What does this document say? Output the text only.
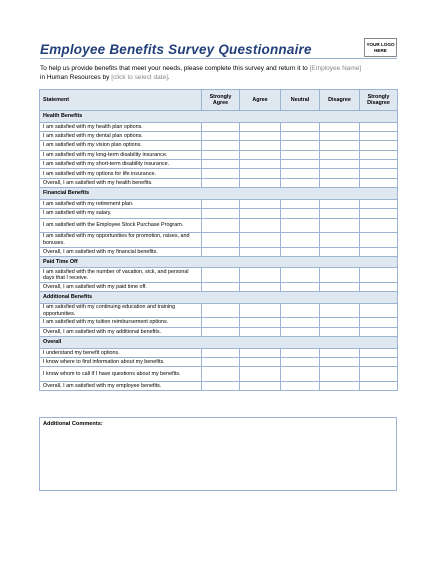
Employee Benefits Survey Questionnaire	YOUR LOGO
HERE
To help us provide benefits that meet your needs, please complete this survey and return it to [Employee Name]
in Human Resources by [click to select date].
Statement	Strongly Agree	Agree	Neutral	Disagree	Strongly Disagree
Health Benefits					
I am satisfied with my health plan options.					
I am satisfied with my dental plan options.					
I am satisfied with my vision plan options.					
I am satisfied with my long-term disability insurance.					
I am satisfied with my short-term disability insurance.					
I am satisfied with my options for life insurance.					
Overall, I am satisfied with my health benefits.					
Financial Benefits					
I am satisfied with my retirement plan.					
I am satisfied with my salary.					
I am satisfied with the Employee Stock Purchase Program.					
I am satisfied with my opportunities for promotion, raises, and bonuses.					
Overall, I am satisfied with my financial benefits.					
Paid Time Off					
I am satisfied with the number of vacation, sick, and personal days that I receive.					
Overall, I am satisfied with my paid time off.					
Additional Benefits					
I am satisfied with my continuing education and training opportunities.					
I am satisfied with my tuition reimbursement options.					
Overall, I am satisfied with my additional benefits.					
Overall					
I understand my benefit options.					
I know where to find information about my benefits.					
I know whom to call if I have questions about my benefits.					
Overall, I am satisfied with my employee benefits.					
Additional Comments:
